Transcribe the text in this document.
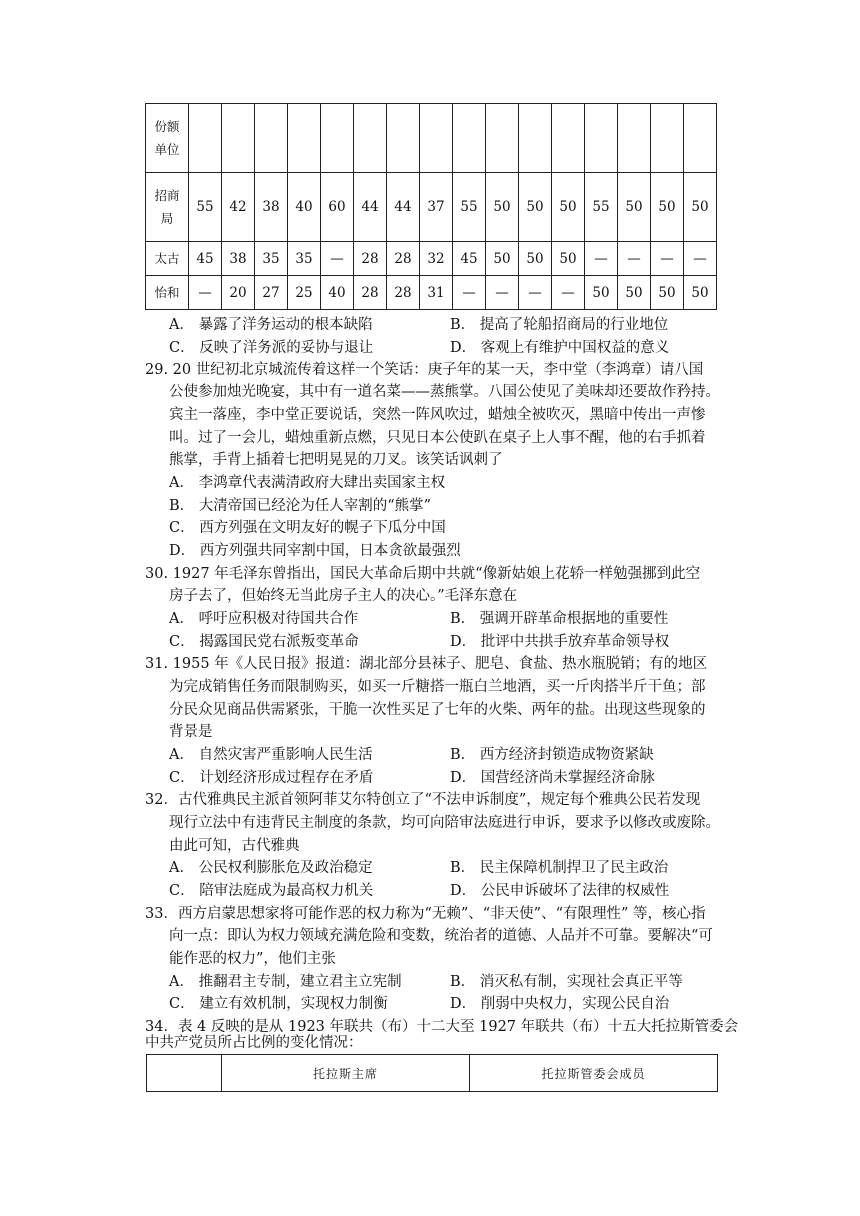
份额
单位																
招商
局	55	42	38	40	60	44	44	37	55	50	50	50	55	50	50	50
太古	45	38	35	35	—	28	28	32	45	50	50	50	—	—	—	—
怡和	—	20	27	25	40	28	28	31	—	—	—	—	50	50	50	50
A． 暴露了洋务运动的根本缺陷	B． 提高了轮船招商局的行业地位
C． 反映了洋务派的妥协与退让	D． 客观上有维护中国权益的意义
29. 20 世纪初北京城流传着这样一个笑话：庚子年的某一天，李中堂（李鸿章）请八国
公使参加烛光晚宴，其中有一道名菜——蒸熊掌。八国公使见了美味却还要故作矜持。
宾主一落座，李中堂正要说话，突然一阵风吹过，蜡烛全被吹灭，黑暗中传出一声惨
叫。过了一会儿，蜡烛重新点燃，只见日本公使趴在桌子上人事不醒，他的右手抓着
熊掌，手背上插着七把明晃晃的刀叉。该笑话讽刺了
A． 李鸿章代表满清政府大肆出卖国家主权
B． 大清帝国已经沦为任人宰割的“熊掌”
C． 西方列强在文明友好的幌子下瓜分中国
D． 西方列强共同宰割中国，日本贪欲最强烈
30. 1927 年毛泽东曾指出，国民大革命后期中共就“像新姑娘上花轿一样勉强挪到此空
房子去了，但始终无当此房子主人的决心。”毛泽东意在
A． 呼吁应积极对待国共合作	B． 强调开辟革命根据地的重要性
C． 揭露国民党右派叛变革命	D． 批评中共拱手放弃革命领导权
31. 1955 年《人民日报》报道：湖北部分县袜子、肥皂、食盐、热水瓶脱销；有的地区
为完成销售任务而限制购买，如买一斤糖搭一瓶白兰地酒，买一斤肉搭半斤干鱼；部
分民众见商品供需紧张，干脆一次性买足了七年的火柴、两年的盐。出现这些现象的
背景是
A． 自然灾害严重影响人民生活	B． 西方经济封锁造成物资紧缺
C． 计划经济形成过程存在矛盾	D． 国营经济尚未掌握经济命脉
32．古代雅典民主派首领阿菲艾尔特创立了“不法申诉制度”，规定每个雅典公民若发现
现行立法中有违背民主制度的条款，均可向陪审法庭进行申诉，要求予以修改或废除。
由此可知，古代雅典
A． 公民权利膨胀危及政治稳定	B． 民主保障机制捍卫了民主政治
C． 陪审法庭成为最高权力机关	D． 公民申诉破坏了法律的权威性
33．西方启蒙思想家将可能作恶的权力称为“无赖”、“非天使”、“有限理性” 等，核心指
向一点：即认为权力领域充满危险和变数，统治者的道德、人品并不可靠。要解决“可
能作恶的权力”，他们主张
A． 推翻君主专制，建立君主立宪制	B． 消灭私有制，实现社会真正平等
C． 建立有效机制，实现权力制衡	D． 削弱中央权力，实现公民自治
34．表 4 反映的是从 1923 年联共（布）十二大至 1927 年联共（布）十五大托拉斯管委会
中共产党员所占比例的变化情况：
	托拉斯主席	托拉斯管委会成员
